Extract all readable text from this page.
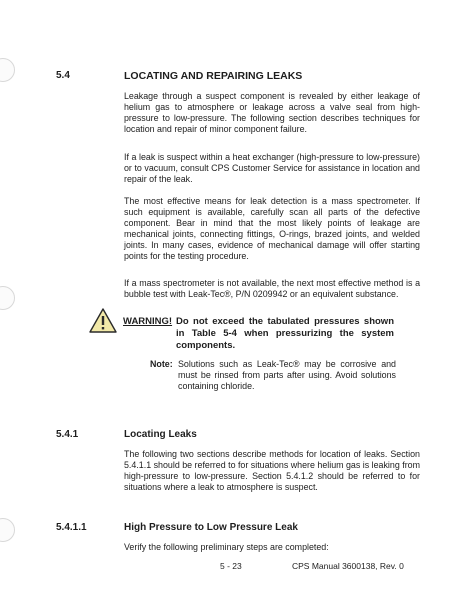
5.4	LOCATING AND REPAIRING LEAKS

Leakage through a suspect component is revealed by either leakage of helium gas to atmosphere or leakage across a valve seal from high-pressure to low-pressure. The following section describes techniques for location and repair of minor component failure.

If a leak is suspect within a heat exchanger (high-pressure to low-pressure) or to vacuum, consult CPS Customer Service for assistance in location and repair of the leak.

The most effective means for leak detection is a mass spectrometer. If such equipment is available, carefully scan all parts of the defective component. Bear in mind that the most likely points of leakage are mechanical joints, connecting fittings, O-rings, brazed joints, and welded joints. In many cases, evidence of mechanical damage will offer starting points for the testing procedure.

If a mass spectrometer is not available, the next most effective method is a bubble test with Leak-Tec®, P/N 0209942 or an equivalent substance.

WARNING! Do not exceed the tabulated pressures shown in Table 5-4 when pressurizing the system components.

Note: Solutions such as Leak-Tec® may be corrosive and must be rinsed from parts after using. Avoid solutions containing chloride.

5.4.1	Locating Leaks

The following two sections describe methods for location of leaks. Section 5.4.1.1 should be referred to for situations where helium gas is leaking from high-pressure to low-pressure. Section 5.4.1.2 should be referred to for situations where a leak to atmosphere is suspect.

5.4.1.1	High Pressure to Low Pressure Leak

Verify the following preliminary steps are completed:

5 - 23	CPS Manual 3600138, Rev. 0
